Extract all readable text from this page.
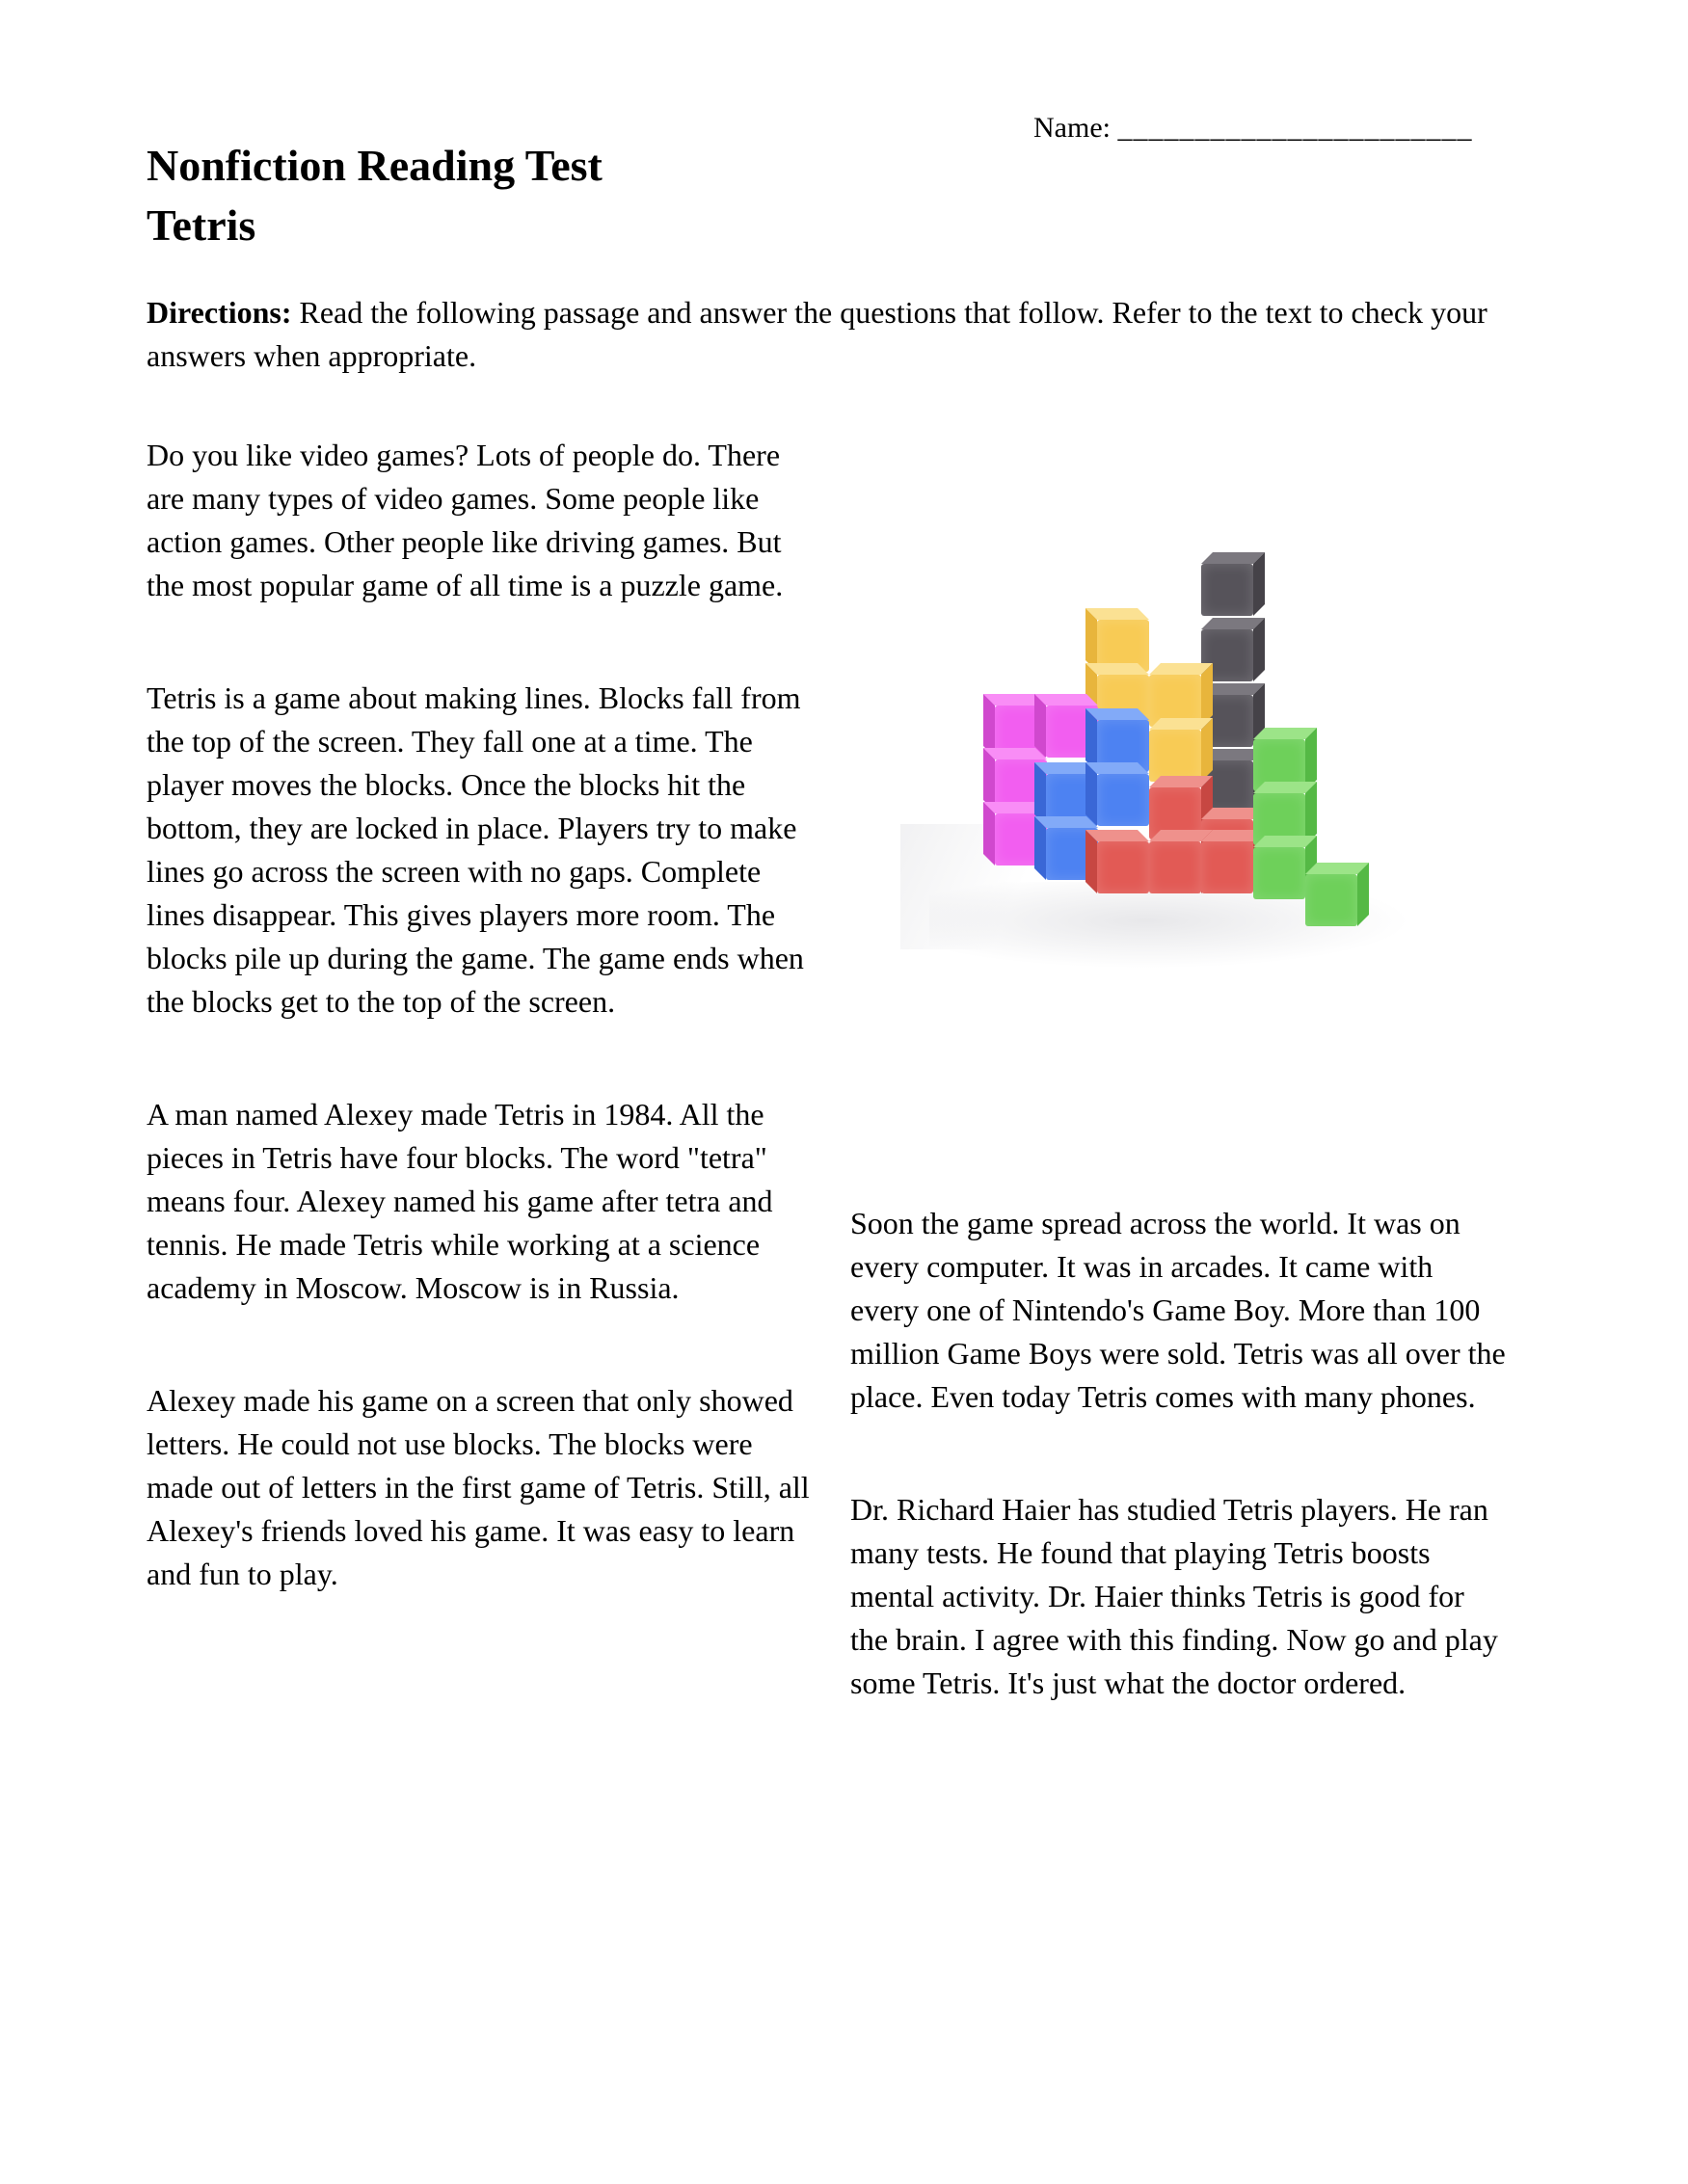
Name: _______________________
Nonfiction Reading Test
Tetris
Directions: Read the following passage and answer the questions that follow. Refer to the text to check your answers when appropriate.

Do you like video games? Lots of people do. There are many types of video games. Some people like action games. Other people like driving games. But the most popular game of all time is a puzzle game.

Tetris is a game about making lines. Blocks fall from the top of the screen. They fall one at a time. The player moves the blocks. Once the blocks hit the bottom, they are locked in place. Players try to make lines go across the screen with no gaps. Complete lines disappear. This gives players more room. The blocks pile up during the game. The game ends when the blocks get to the top of the screen.

A man named Alexey made Tetris in 1984. All the pieces in Tetris have four blocks. The word "tetra" means four. Alexey named his game after tetra and tennis. He made Tetris while working at a science academy in Moscow. Moscow is in Russia.

Alexey made his game on a screen that only showed letters. He could not use blocks. The blocks were made out of letters in the first game of Tetris. Still, all Alexey's friends loved his game. It was easy to learn and fun to play.

Soon the game spread across the world. It was on every computer. It was in arcades. It came with every one of Nintendo's Game Boy. More than 100 million Game Boys were sold. Tetris was all over the place. Even today Tetris comes with many phones.

Dr. Richard Haier has studied Tetris players. He ran many tests. He found that playing Tetris boosts mental activity. Dr. Haier thinks Tetris is good for the brain. I agree with this finding. Now go and play some Tetris. It's just what the doctor ordered.
